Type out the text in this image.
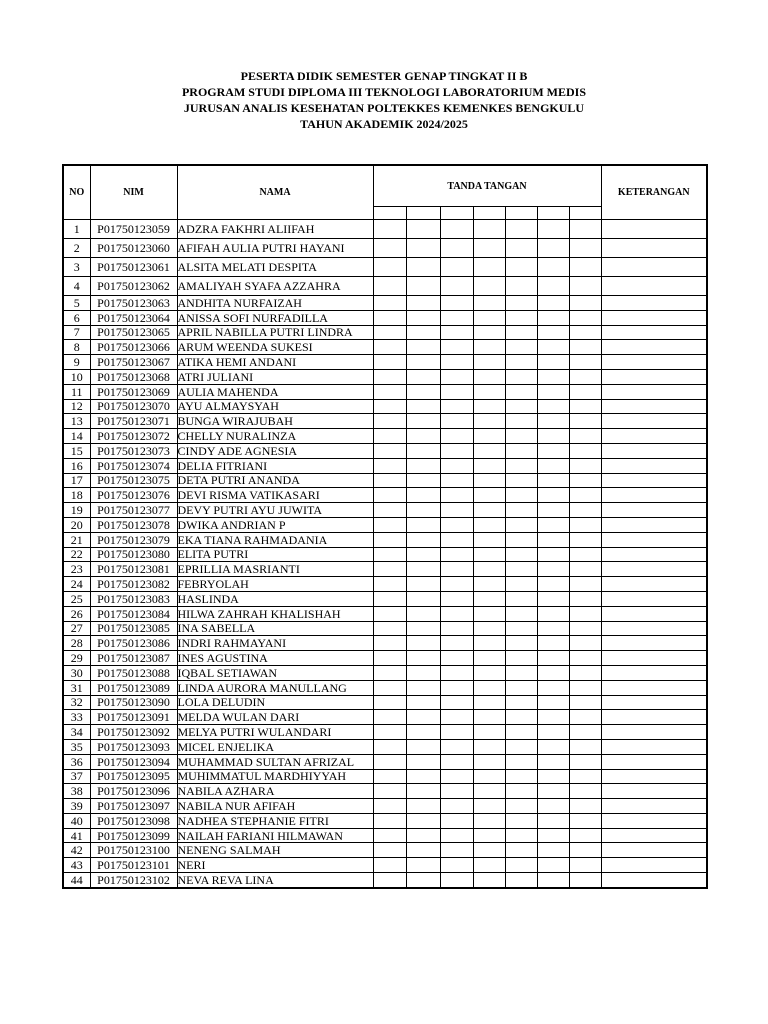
PESERTA DIDIK SEMESTER GENAP TINGKAT II B
PROGRAM STUDI DIPLOMA III TEKNOLOGI LABORATORIUM MEDIS
JURUSAN ANALIS KESEHATAN POLTEKKES KEMENKES BENGKULU
TAHUN AKADEMIK 2024/2025
NO	NIM	NAMA	TANDA TANGAN							KETERANGAN

1	P01750123059	ADZRA FAKHRI ALIIFAH								
2	P01750123060	AFIFAH AULIA PUTRI HAYANI								
3	P01750123061	ALSITA MELATI DESPITA								
4	P01750123062	AMALIYAH SYAFA AZZAHRA								
5	P01750123063	ANDHITA NURFAIZAH								
6	P01750123064	ANISSA SOFI NURFADILLA								
7	P01750123065	APRIL NABILLA PUTRI LINDRA								
8	P01750123066	ARUM WEENDA SUKESI								
9	P01750123067	ATIKA HEMI ANDANI								
10	P01750123068	ATRI JULIANI								
11	P01750123069	AULIA MAHENDA								
12	P01750123070	AYU ALMAYSYAH								
13	P01750123071	BUNGA WIRAJUBAH								
14	P01750123072	CHELLY NURALINZA								
15	P01750123073	CINDY ADE AGNESIA								
16	P01750123074	DELIA FITRIANI								
17	P01750123075	DETA PUTRI ANANDA								
18	P01750123076	DEVI RISMA VATIKASARI								
19	P01750123077	DEVY PUTRI AYU JUWITA								
20	P01750123078	DWIKA ANDRIAN P								
21	P01750123079	EKA TIANA RAHMADANIA								
22	P01750123080	ELITA PUTRI								
23	P01750123081	EPRILLIA MASRIANTI								
24	P01750123082	FEBRYOLAH								
25	P01750123083	HASLINDA								
26	P01750123084	HILWA ZAHRAH KHALISHAH								
27	P01750123085	INA SABELLA								
28	P01750123086	INDRI RAHMAYANI								
29	P01750123087	INES AGUSTINA								
30	P01750123088	IQBAL SETIAWAN								
31	P01750123089	LINDA AURORA MANULLANG								
32	P01750123090	LOLA DELUDIN								
33	P01750123091	MELDA WULAN DARI								
34	P01750123092	MELYA PUTRI WULANDARI								
35	P01750123093	MICEL ENJELIKA								
36	P01750123094	MUHAMMAD SULTAN AFRIZAL								
37	P01750123095	MUHIMMATUL MARDHIYYAH								
38	P01750123096	NABILA AZHARA								
39	P01750123097	NABILA NUR AFIFAH								
40	P01750123098	NADHEA STEPHANIE FITRI								
41	P01750123099	NAILAH FARIANI HILMAWAN								
42	P01750123100	NENENG SALMAH								
43	P01750123101	NERI								
44	P01750123102	NEVA REVA LINA								
